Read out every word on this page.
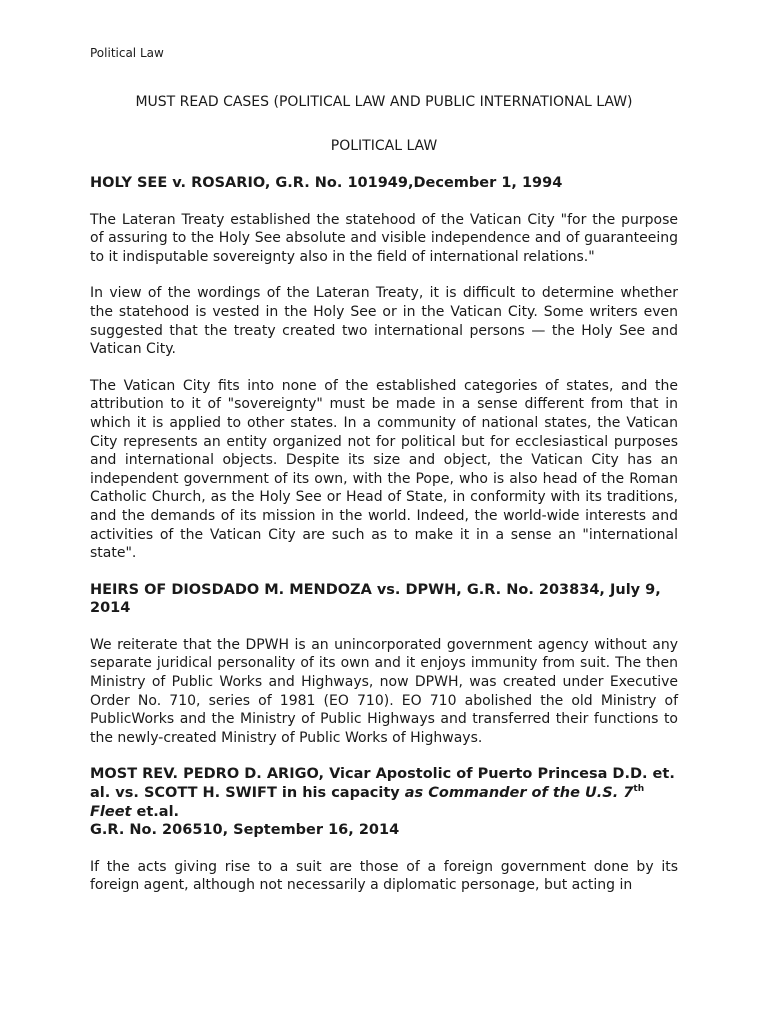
Political Law

MUST READ CASES (POLITICAL LAW AND PUBLIC INTERNATIONAL LAW)

POLITICAL LAW

HOLY SEE v. ROSARIO, G.R. No. 101949,December 1, 1994

The Lateran Treaty established the statehood of the Vatican City "for the purpose of assuring to the Holy See absolute and visible independence and of guaranteeing to it indisputable sovereignty also in the field of international relations."

In view of the wordings of the Lateran Treaty, it is difficult to determine whether the statehood is vested in the Holy See or in the Vatican City. Some writers even suggested that the treaty created two international persons — the Holy See and Vatican City.

The Vatican City fits into none of the established categories of states, and the attribution to it of "sovereignty" must be made in a sense different from that in which it is applied to other states. In a community of national states, the Vatican City represents an entity organized not for political but for ecclesiastical purposes and international objects. Despite its size and object, the Vatican City has an independent government of its own, with the Pope, who is also head of the Roman Catholic Church, as the Holy See or Head of State, in conformity with its traditions, and the demands of its mission in the world. Indeed, the world-wide interests and activities of the Vatican City are such as to make it in a sense an "international state".

HEIRS OF DIOSDADO M. MENDOZA vs. DPWH, G.R. No. 203834, July 9, 2014

We reiterate that the DPWH is an unincorporated government agency without any separate juridical personality of its own and it enjoys immunity from suit. The then Ministry of Public Works and Highways, now DPWH, was created under Executive Order No. 710, series of 1981 (EO 710). EO 710 abolished the old Ministry of PublicWorks and the Ministry of Public Highways and transferred their functions to the newly-created Ministry of Public Works of Highways.

MOST REV. PEDRO D. ARIGO, Vicar Apostolic of Puerto Princesa D.D. et. al. vs. SCOTT H. SWIFT in his capacity as Commander of the U.S. 7th Fleet et.al.
G.R. No. 206510, September 16, 2014

If the acts giving rise to a suit are those of a foreign government done by its foreign agent, although not necessarily a diplomatic personage, but acting in
